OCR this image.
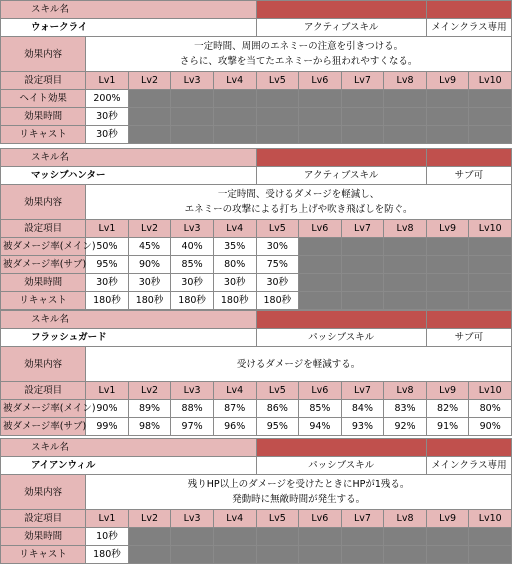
スキル名										
ウォークライ					アクティブスキル				メインクラス専用	
効果内容	一定時間、周囲のエネミーの注意を引きつける。
さらに、攻撃を当てたエネミーから狙われやすくなる。									

設定項目	Lv1	Lv2	Lv3	Lv4	Lv5	Lv6	Lv7	Lv8	Lv9	Lv10
ヘイト効果	200%									
効果時間	30秒									
リキャスト	30秒									
スキル名										
マッシブハンター					アクティブスキル				サブ可	
効果内容	一定時間、受けるダメージを軽減し、
エネミーの攻撃による打ち上げや吹き飛ばしを防ぐ。									

設定項目	Lv1	Lv2	Lv3	Lv4	Lv5	Lv6	Lv7	Lv8	Lv9	Lv10
被ダメージ率(メイン)	50%	45%	40%	35%	30%					
被ダメージ率(サブ)	95%	90%	85%	80%	75%					
効果時間	30秒	30秒	30秒	30秒	30秒					
リキャスト	180秒	180秒	180秒	180秒	180秒					
スキル名										
フラッシュガード					パッシブスキル				サブ可	
効果内容	受けるダメージを軽減する。									

設定項目	Lv1	Lv2	Lv3	Lv4	Lv5	Lv6	Lv7	Lv8	Lv9	Lv10
被ダメージ率(メイン)	90%	89%	88%	87%	86%	85%	84%	83%	82%	80%
被ダメージ率(サブ)	99%	98%	97%	96%	95%	94%	93%	92%	91%	90%
スキル名										
アイアンウィル					パッシブスキル				メインクラス専用	
効果内容	残りHP以上のダメージを受けたときにHPが1残る。
発動時に無敵時間が発生する。									

設定項目	Lv1	Lv2	Lv3	Lv4	Lv5	Lv6	Lv7	Lv8	Lv9	Lv10
効果時間	10秒									
リキャスト	180秒									
